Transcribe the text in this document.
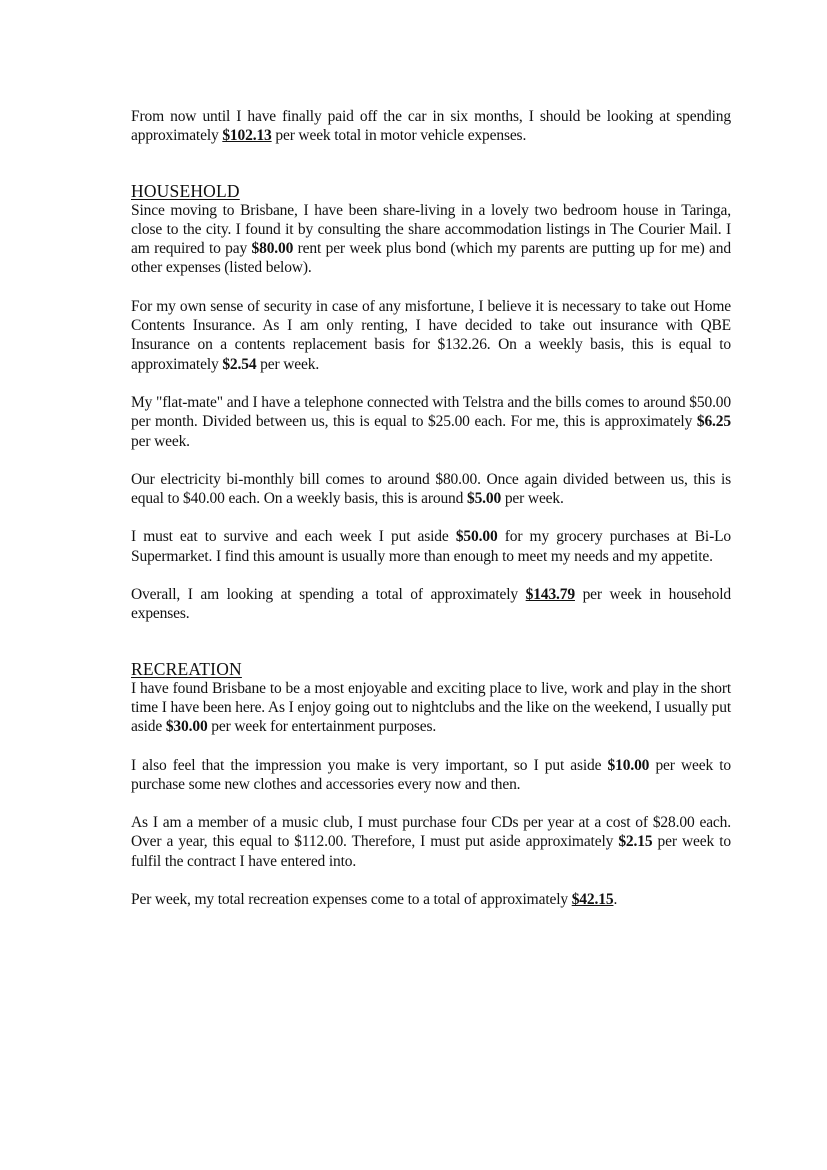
From now until I have finally paid off the car in six months, I should be looking at spending approximately $102.13 per week total in motor vehicle expenses.

HOUSEHOLD

Since moving to Brisbane, I have been share-living in a lovely two bedroom house in Taringa, close to the city. I found it by consulting the share accommodation listings in The Courier Mail. I am required to pay $80.00 rent per week plus bond (which my parents are putting up for me) and other expenses (listed below).

For my own sense of security in case of any misfortune, I believe it is necessary to take out Home Contents Insurance. As I am only renting, I have decided to take out insurance with QBE Insurance on a contents replacement basis for $132.26. On a weekly basis, this is equal to approximately $2.54 per week.

My "flat-mate" and I have a telephone connected with Telstra and the bills comes to around $50.00 per month. Divided between us, this is equal to $25.00 each. For me, this is approximately $6.25 per week.

Our electricity bi-monthly bill comes to around $80.00. Once again divided between us, this is equal to $40.00 each. On a weekly basis, this is around $5.00 per week.

I must eat to survive and each week I put aside $50.00 for my grocery purchases at Bi-Lo Supermarket. I find this amount is usually more than enough to meet my needs and my appetite.

Overall, I am looking at spending a total of approximately $143.79 per week in household expenses.

RECREATION

I have found Brisbane to be a most enjoyable and exciting place to live, work and play in the short time I have been here. As I enjoy going out to nightclubs and the like on the weekend, I usually put aside $30.00 per week for entertainment purposes.

I also feel that the impression you make is very important, so I put aside $10.00 per week to purchase some new clothes and accessories every now and then.

As I am a member of a music club, I must purchase four CDs per year at a cost of $28.00 each. Over a year, this equal to $112.00. Therefore, I must put aside approximately $2.15 per week to fulfil the contract I have entered into.

Per week, my total recreation expenses come to a total of approximately $42.15.
